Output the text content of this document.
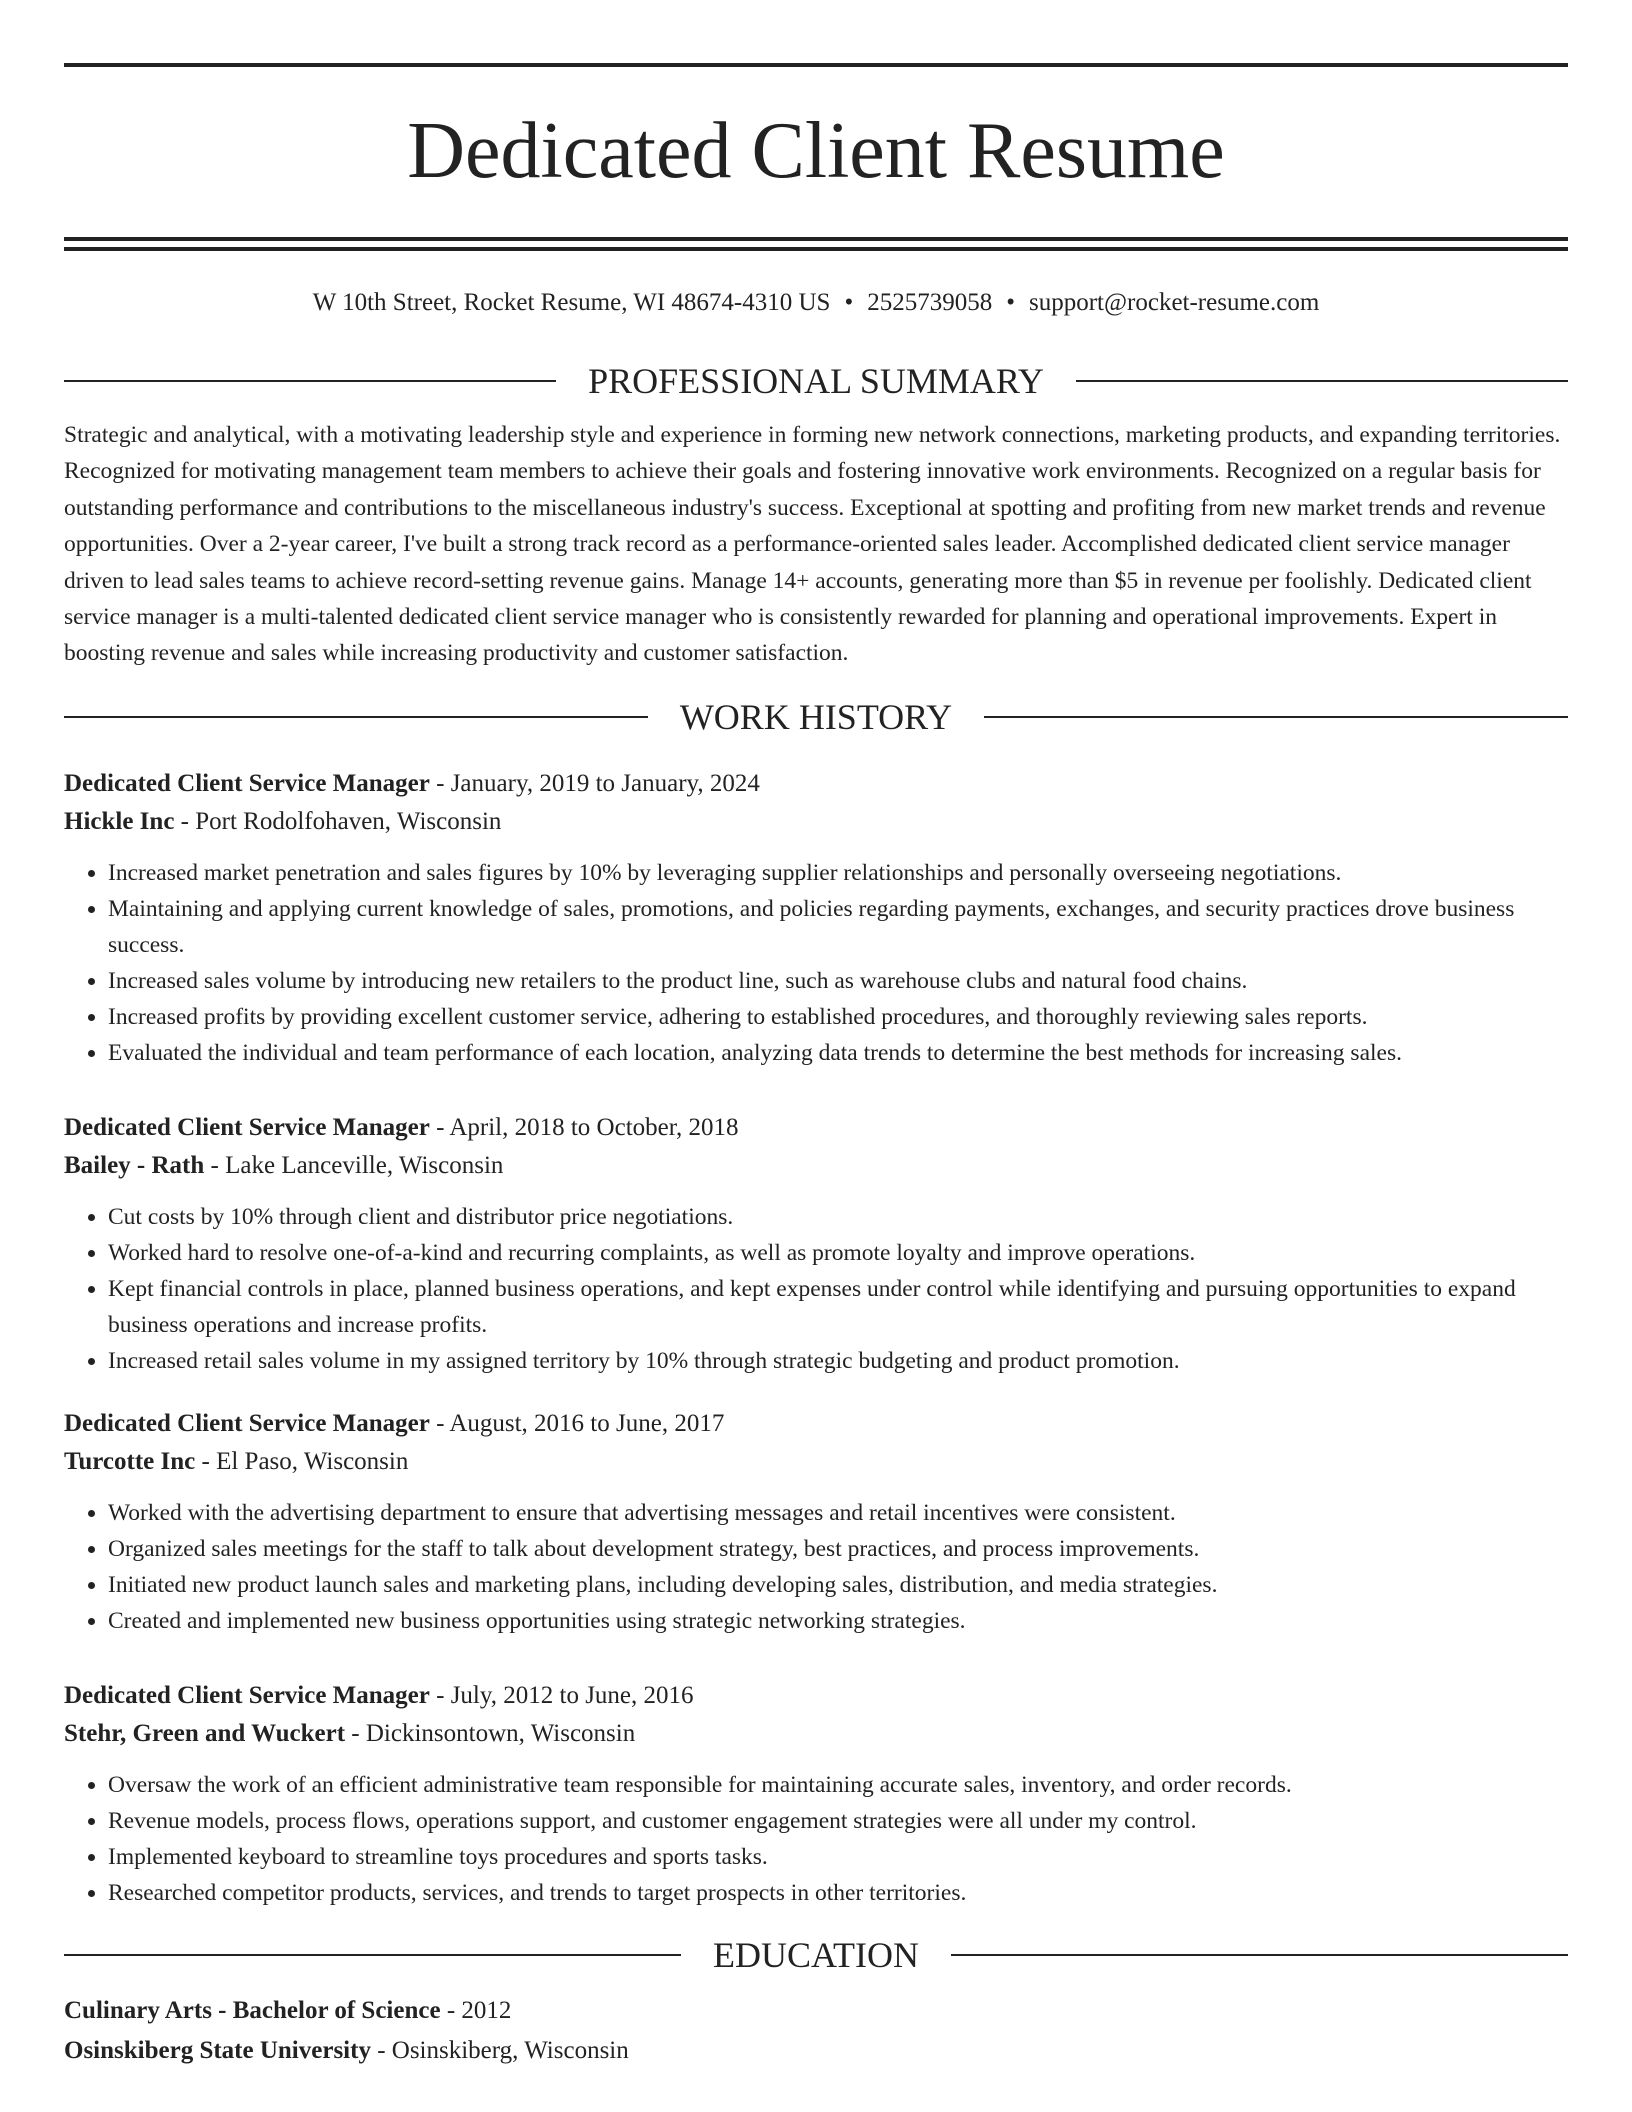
Dedicated Client Resume
W 10th Street, Rocket Resume, WI 48674-4310 US • 2525739058 • support@rocket-resume.com
PROFESSIONAL SUMMARY

Strategic and analytical, with a motivating leadership style and experience in forming new network connections, marketing products, and expanding territories. Recognized for motivating management team members to achieve their goals and fostering innovative work environments. Recognized on a regular basis for outstanding performance and contributions to the miscellaneous industry's success. Exceptional at spotting and profiting from new market trends and revenue opportunities. Over a 2-year career, I've built a strong track record as a performance-oriented sales leader. Accomplished dedicated client service manager driven to lead sales teams to achieve record-setting revenue gains. Manage 14+ accounts, generating more than $5 in revenue per foolishly. Dedicated client service manager is a multi-talented dedicated client service manager who is consistently rewarded for planning and operational improvements. Expert in boosting revenue and sales while increasing productivity and customer satisfaction.

WORK HISTORY
Dedicated Client Service Manager - January, 2019 to January, 2024
Hickle Inc - Port Rodolfohaven, Wisconsin
• Increased market penetration and sales figures by 10% by leveraging supplier relationships and personally overseeing negotiations.
• Maintaining and applying current knowledge of sales, promotions, and policies regarding payments, exchanges, and security practices drove business success.
• Increased sales volume by introducing new retailers to the product line, such as warehouse clubs and natural food chains.
• Increased profits by providing excellent customer service, adhering to established procedures, and thoroughly reviewing sales reports.
• Evaluated the individual and team performance of each location, analyzing data trends to determine the best methods for increasing sales.
Dedicated Client Service Manager - April, 2018 to October, 2018
Bailey - Rath - Lake Lanceville, Wisconsin
• Cut costs by 10% through client and distributor price negotiations.
• Worked hard to resolve one-of-a-kind and recurring complaints, as well as promote loyalty and improve operations.
• Kept financial controls in place, planned business operations, and kept expenses under control while identifying and pursuing opportunities to expand business operations and increase profits.
• Increased retail sales volume in my assigned territory by 10% through strategic budgeting and product promotion.
Dedicated Client Service Manager - August, 2016 to June, 2017
Turcotte Inc - El Paso, Wisconsin
• Worked with the advertising department to ensure that advertising messages and retail incentives were consistent.
• Organized sales meetings for the staff to talk about development strategy, best practices, and process improvements.
• Initiated new product launch sales and marketing plans, including developing sales, distribution, and media strategies.
• Created and implemented new business opportunities using strategic networking strategies.
Dedicated Client Service Manager - July, 2012 to June, 2016
Stehr, Green and Wuckert - Dickinsontown, Wisconsin
• Oversaw the work of an efficient administrative team responsible for maintaining accurate sales, inventory, and order records.
• Revenue models, process flows, operations support, and customer engagement strategies were all under my control.
• Implemented keyboard to streamline toys procedures and sports tasks.
• Researched competitor products, services, and trends to target prospects in other territories.
EDUCATION
Culinary Arts - Bachelor of Science - 2012
Osinskiberg State University - Osinskiberg, Wisconsin
